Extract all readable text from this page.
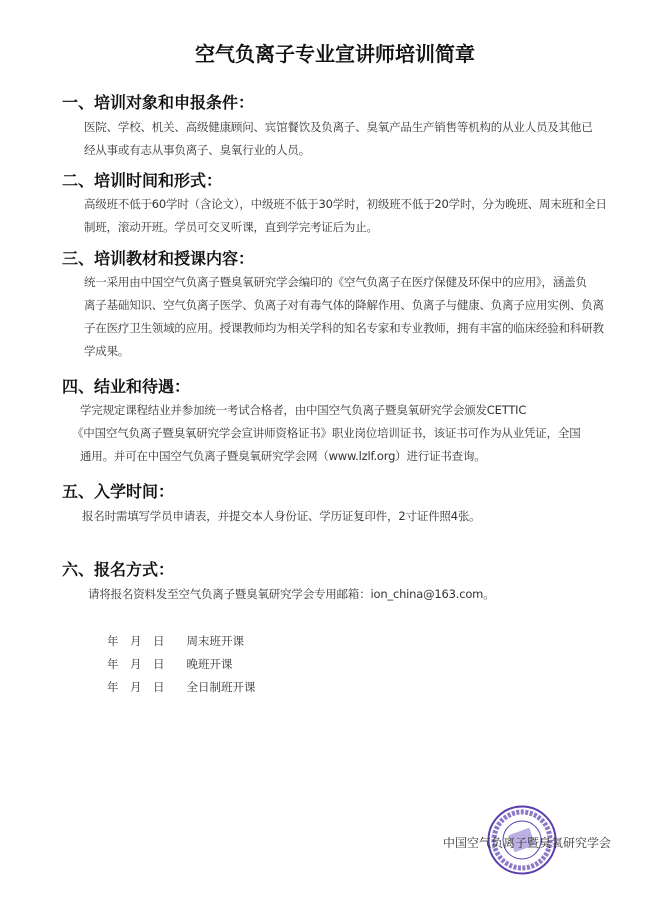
空气负离子专业宣讲师培训简章
一、培训对象和申报条件：
医院、学校、机关、高级健康顾问、宾馆餐饮及负离子、臭氧产品生产销售等机构的从业人员及其他已
经从事或有志从事负离子、臭氧行业的人员。
二、培训时间和形式：
高级班不低于60学时（含论文），中级班不低于30学时，初级班不低于20学时，分为晚班、周末班和全日
制班，滚动开班。学员可交叉听课，直到学完考证后为止。
三、培训教材和授课内容：
统一采用由中国空气负离子暨臭氧研究学会编印的《空气负离子在医疗保健及环保中的应用》，涵盖负
离子基础知识、空气负离子医学、负离子对有毒气体的降解作用、负离子与健康、负离子应用实例、负离
子在医疗卫生领域的应用。授课教师均为相关学科的知名专家和专业教师，拥有丰富的临床经验和科研教
学成果。
四、结业和待遇：
学完规定课程结业并参加统一考试合格者，由中国空气负离子暨臭氧研究学会颁发CETTIC
《中国空气负离子暨臭氧研究学会宣讲师资格证书》职业岗位培训证书，该证书可作为从业凭证，全国
通用。并可在中国空气负离子暨臭氧研究学会网（www.lzlf.org）进行证书查询。
五、入学时间：
报名时需填写学员申请表，并提交本人身份证、学历证复印件，2寸证件照4张。
六、报名方式：
请将报名资料发至空气负离子暨臭氧研究学会专用邮箱：ion_china@163.com。
年　月　日 周末班开课
年　月　日 晚班开课
年　月　日 全日制班开课
中国空气负离子暨臭氧研究学会
